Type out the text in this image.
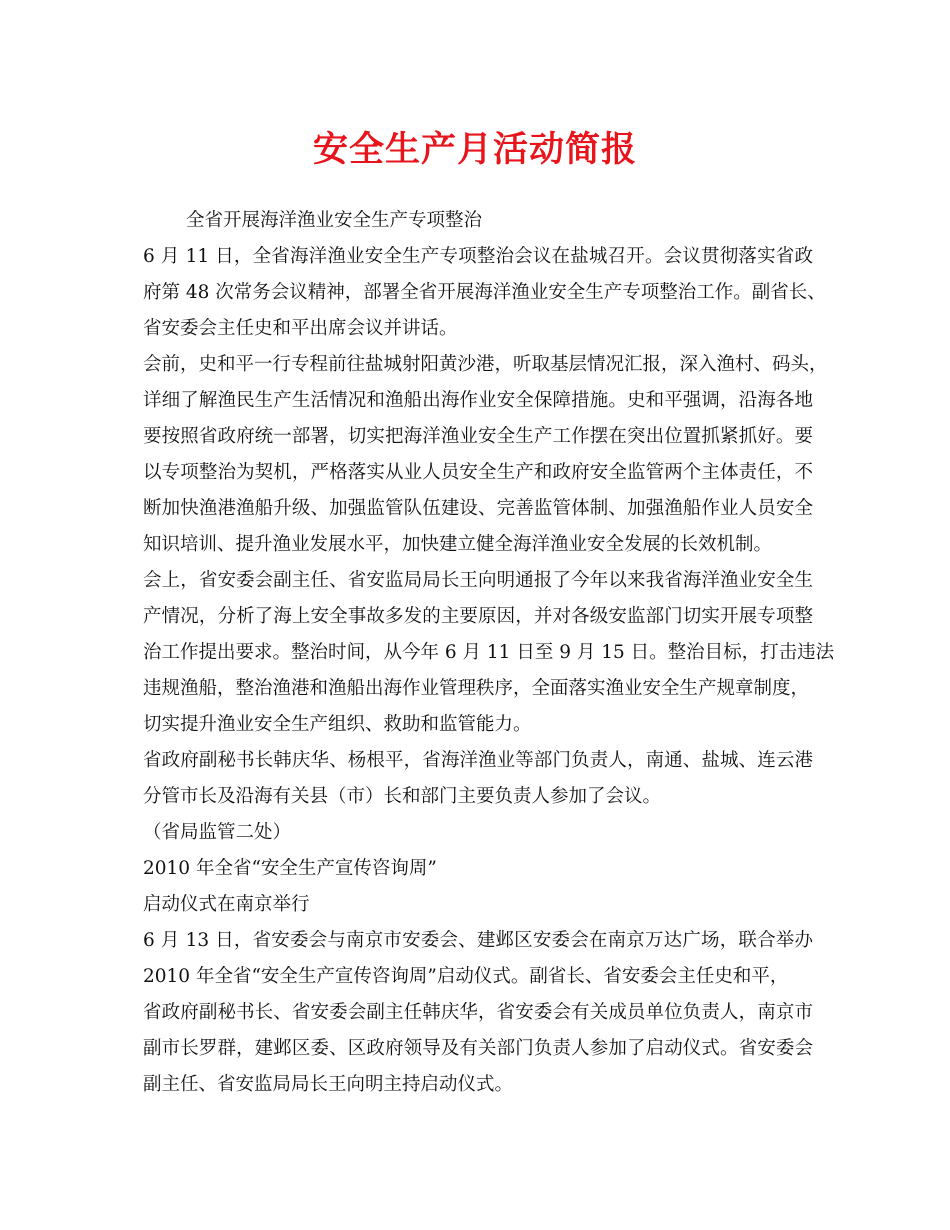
安全生产月活动简报
全省开展海洋渔业安全生产专项整治
6 月 11 日，全省海洋渔业安全生产专项整治会议在盐城召开。会议贯彻落实省政
府第 48 次常务会议精神，部署全省开展海洋渔业安全生产专项整治工作。副省长、
省安委会主任史和平出席会议并讲话。
会前，史和平一行专程前往盐城射阳黄沙港，听取基层情况汇报，深入渔村、码头，
详细了解渔民生产生活情况和渔船出海作业安全保障措施。史和平强调，沿海各地
要按照省政府统一部署，切实把海洋渔业安全生产工作摆在突出位置抓紧抓好。要
以专项整治为契机，严格落实从业人员安全生产和政府安全监管两个主体责任，不
断加快渔港渔船升级、加强监管队伍建设、完善监管体制、加强渔船作业人员安全
知识培训、提升渔业发展水平，加快建立健全海洋渔业安全发展的长效机制。
会上，省安委会副主任、省安监局局长王向明通报了今年以来我省海洋渔业安全生
产情况，分析了海上安全事故多发的主要原因，并对各级安监部门切实开展专项整
治工作提出要求。整治时间，从今年 6 月 11 日至 9 月 15 日。整治目标，打击违法
违规渔船，整治渔港和渔船出海作业管理秩序，全面落实渔业安全生产规章制度，
切实提升渔业安全生产组织、救助和监管能力。
省政府副秘书长韩庆华、杨根平，省海洋渔业等部门负责人，南通、盐城、连云港
分管市长及沿海有关县（市）长和部门主要负责人参加了会议。
（省局监管二处）
2010 年全省“安全生产宣传咨询周”
启动仪式在南京举行
6 月 13 日，省安委会与南京市安委会、建邺区安委会在南京万达广场，联合举办
2010 年全省“安全生产宣传咨询周”启动仪式。副省长、省安委会主任史和平，
省政府副秘书长、省安委会副主任韩庆华，省安委会有关成员单位负责人，南京市
副市长罗群，建邺区委、区政府领导及有关部门负责人参加了启动仪式。省安委会
副主任、省安监局局长王向明主持启动仪式。
